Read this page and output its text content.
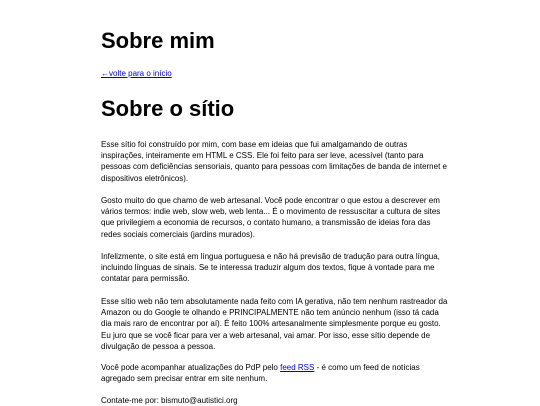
Sobre mim
←volte para o início
Sobre o sítio

Esse sítio foi construído por mim, com base em ideias que fui amalgamando de outras inspirações, inteiramente em HTML e CSS. Ele foi feito para ser leve, acessível (tanto para pessoas com deficiências sensoriais, quanto para pessoas com limitações de banda de internet e dispositivos eletrônicos).

Gosto muito do que chamo de web artesanal. Você pode encontrar o que estou a descrever em vários termos: indie web, slow web, web lenta... É o movimento de ressuscitar a cultura de sites que privilegiem a economia de recursos, o contato humano, a transmissão de ideias fora das redes sociais comerciais (jardins murados).

Infelizmente, o site está em língua portuguesa e não há previsão de tradução para outra língua, incluindo línguas de sinais. Se te interessa traduzir algum dos textos, fique à vontade para me contatar para permissão.

Esse sítio web não tem absolutamente nada feito com IA gerativa, não tem nenhum rastreador da Amazon ou do Google te olhando e PRINCIPALMENTE não tem anúncio nenhum (isso tá cada dia mais raro de encontrar por aí). É feito 100% artesanalmente simplesmente porque eu gosto. Eu juro que se você ficar para ver a web artesanal, vai amar. Por isso, esse sítio depende de divulgação de pessoa a pessoa.

Você pode acompanhar atualizações do PdP pelo feed RSS - é como um feed de notícias agregado sem precisar entrar em site nenhum.

Contate-me por: bismuto@autistici.org
